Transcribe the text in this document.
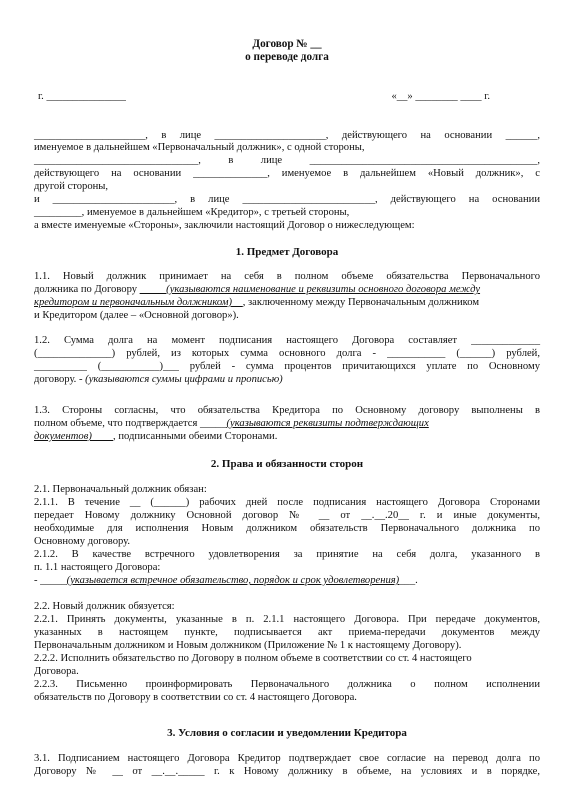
Договор № __
о переводе долга
г. _______________	«__» ________ ____ г.
_____________________, в лице _____________________, действующего на основании ______,
именуемое в дальнейшем «Первоначальный должник», с одной стороны,
_______________________________, в лице ___________________________________________,
действующего на основании ______________, именуемое в дальнейшем «Новый должник», с
другой стороны,
и _______________________, в лице _________________________, действующего на основании
_________, именуемое в дальнейшем «Кредитор», с третьей стороны,
а вместе именуемые «Стороны», заключили настоящий Договор о нижеследующем:
1. Предмет Договора
1.1. Новый должник принимает на себя в полном объеме обязательства Первоначального
должника по Договору _____(указываются наименование и реквизиты основного договора между
кредитором и первоначальным должником)__, заключенному между Первоначальным должником
и Кредитором (далее – «Основной договор»).
1.2. Сумма долга на момент подписания настоящего Договора составляет _____________
(______________) рублей, из которых сумма основного долга - ___________ (______) рублей,
__________ (___________)___ рублей - сумма процентов причитающихся уплате по Основному
договору. - (указываются суммы цифрами и прописью)
1.3. Стороны согласны, что обязательства Кредитора по Основному договору выполнены в
полном объеме, что подтверждается _____(указываются реквизиты подтверждающих
документов)____, подписанными обеими Сторонами.
2. Права и обязанности сторон
2.1. Первоначальный должник обязан:
2.1.1. В течение __ (______) рабочих дней после подписания настоящего Договора Сторонами
передает Новому должнику Основной договор № __ от __.__.20__ г. и иные документы,
необходимые для исполнения Новым должником обязательств Первоначального должника по
Основному договору.
2.1.2. В качестве встречного удовлетворения за принятие на себя долга, указанного в
п. 1.1 настоящего Договора:
- _____(указывается встречное обязательство, порядок и срок удовлетворения)___.
2.2. Новый должник обязуется:
2.2.1. Принять документы, указанные в п. 2.1.1 настоящего Договора. При передаче документов,
указанных в настоящем пункте, подписывается акт приема-передачи документов между
Первоначальным должником и Новым должником (Приложение № 1 к настоящему Договору).
2.2.2. Исполнить обязательство по Договору в полном объеме в соответствии со ст. 4 настоящего
Договора.
2.2.3. Письменно проинформировать Первоначального должника о полном исполнении
обязательств по Договору в соответствии со ст. 4 настоящего Договора.
3. Условия о согласии и уведомлении Кредитора
3.1. Подписанием настоящего Договора Кредитор подтверждает свое согласие на перевод долга по
Договору № __ от __.__._____ г. к Новому должнику в объеме, на условиях и в порядке,
